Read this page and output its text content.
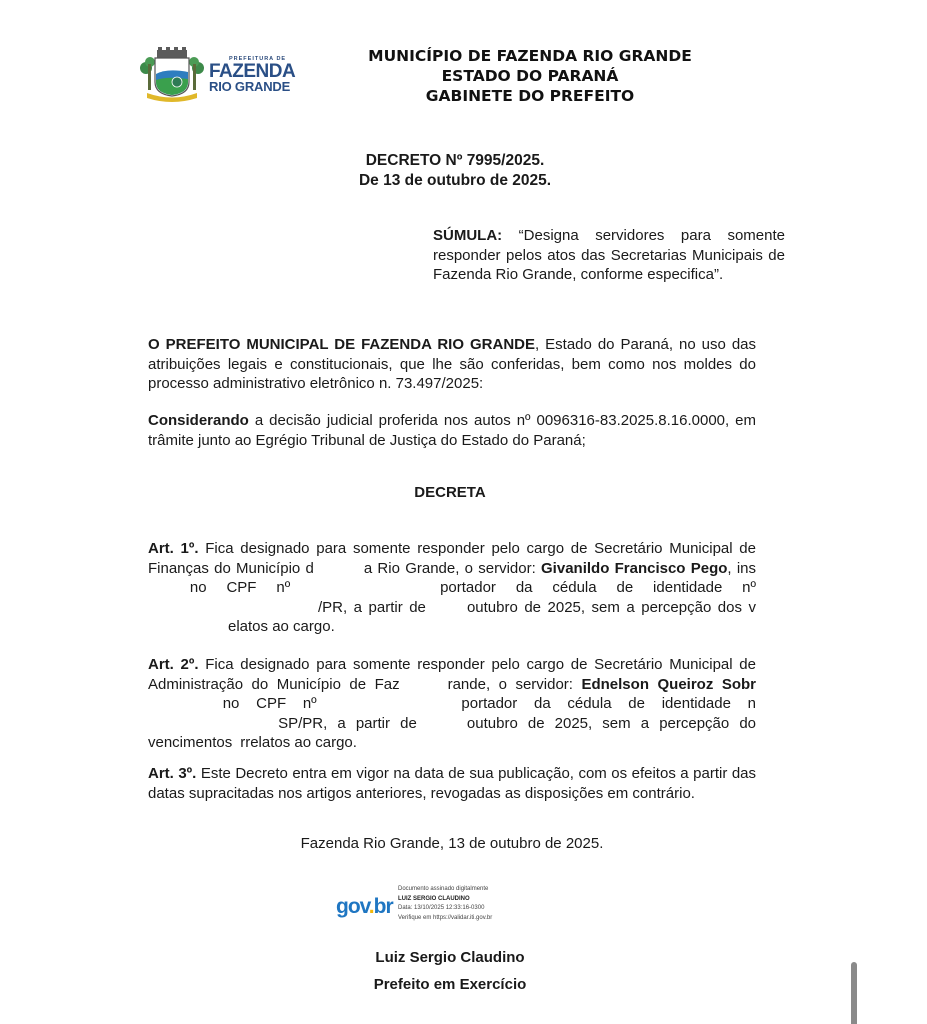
PREFEITURA DE
FAZENDA
RIO GRANDE
MUNICÍPIO DE FAZENDA RIO GRANDE
ESTADO DO PARANÁ
GABINETE DO PREFEITO
DECRETO Nº 7995/2025.
De 13 de outubro de 2025.
SÚMULA: “Designa servidores para somente responder pelos atos das Secretarias Municipais de Fazenda Rio Grande, conforme especifica”.
O PREFEITO MUNICIPAL DE FAZENDA RIO GRANDE, Estado do Paraná, no uso das atribuições legais e constitucionais, que lhe são conferidas, bem como nos moldes do processo administrativo eletrônico n. 73.497/2025:
Considerando a decisão judicial proferida nos autos nº 0096316-83.2025.8.16.0000, em trâmite junto ao Egrégio Tribunal de Justiça do Estado do Paraná;
DECRETA
Art. 1º. Fica designado para somente responder pelo cargo de Secretário Municipal de Finanças do Município d	a Rio Grande, o servidor: Givanildo Francisco Pego, ins no CPF nº	portador da cédula de identidade nº /PR, a partir de	outubro de 2025, sem a percepção dos velatos ao cargo.
Art. 2º. Fica designado para somente responder pelo cargo de Secretário Municipal de Administração do Município de Faz	rande, o servidor: Ednelson Queiroz Sobr no CPF nº	portador da cédula de identidade n SP/PR, a partir de	outubro de 2025, sem a percepção do vencimentos rrelatos ao cargo.
Art. 3º. Este Decreto entra em vigor na data de sua publicação, com os efeitos a partir das datas supracitadas nos artigos anteriores, revogadas as disposições em contrário.
Fazenda Rio Grande, 13 de outubro de 2025.
gov.br
Documento assinado digitalmente
LUIZ SERGIO CLAUDINO
Data: 13/10/2025 12:33:16-0300
Verifique em https://validar.iti.gov.br
Luiz Sergio Claudino
Prefeito em Exercício
